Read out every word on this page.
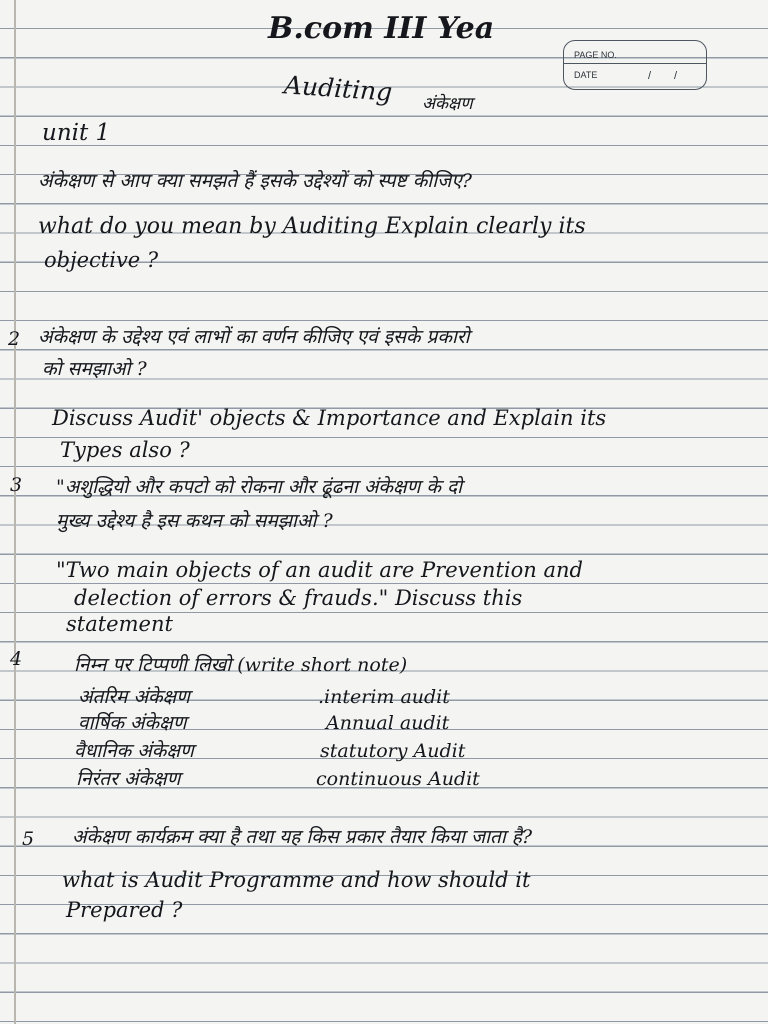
B.com III Yea
PAGE NO.
DATE	/ /
Auditing अंकेक्षण
unit 1
अंकेक्षण से आप क्या समझते हैं इसके उद्देश्यों को स्पष्ट कीजिए?
what do you mean by Auditing Explain clearly its
objective ?
2 अंकेक्षण के उद्देश्य एवं लाभों का वर्णन कीजिए एवं इसके प्रकारो
को समझाओ ?
Discuss Audit' objects & Importance and Explain its
Types also ?
3 "अशुद्धियो और कपटो को रोकना और ढूंढना अंकेक्षण के दो
मुख्य उद्देश्य है इस कथन को समझाओ ?
"Two main objects of an audit are Prevention and
delection of errors & frauds." Discuss this
statement
4	निम्न पर टिप्पणी लिखो (write short note)
अंतरिम अंकेक्षण	.interim audit
वार्षिक अंकेक्षण	Annual audit
वैधानिक अंकेक्षण	statutory Audit
निरंतर अंकेक्षण	continuous Audit
5 अंकेक्षण कार्यक्रम क्या है तथा यह किस प्रकार तैयार किया जाता है?
what is Audit Programme and how should it
Prepared ?
